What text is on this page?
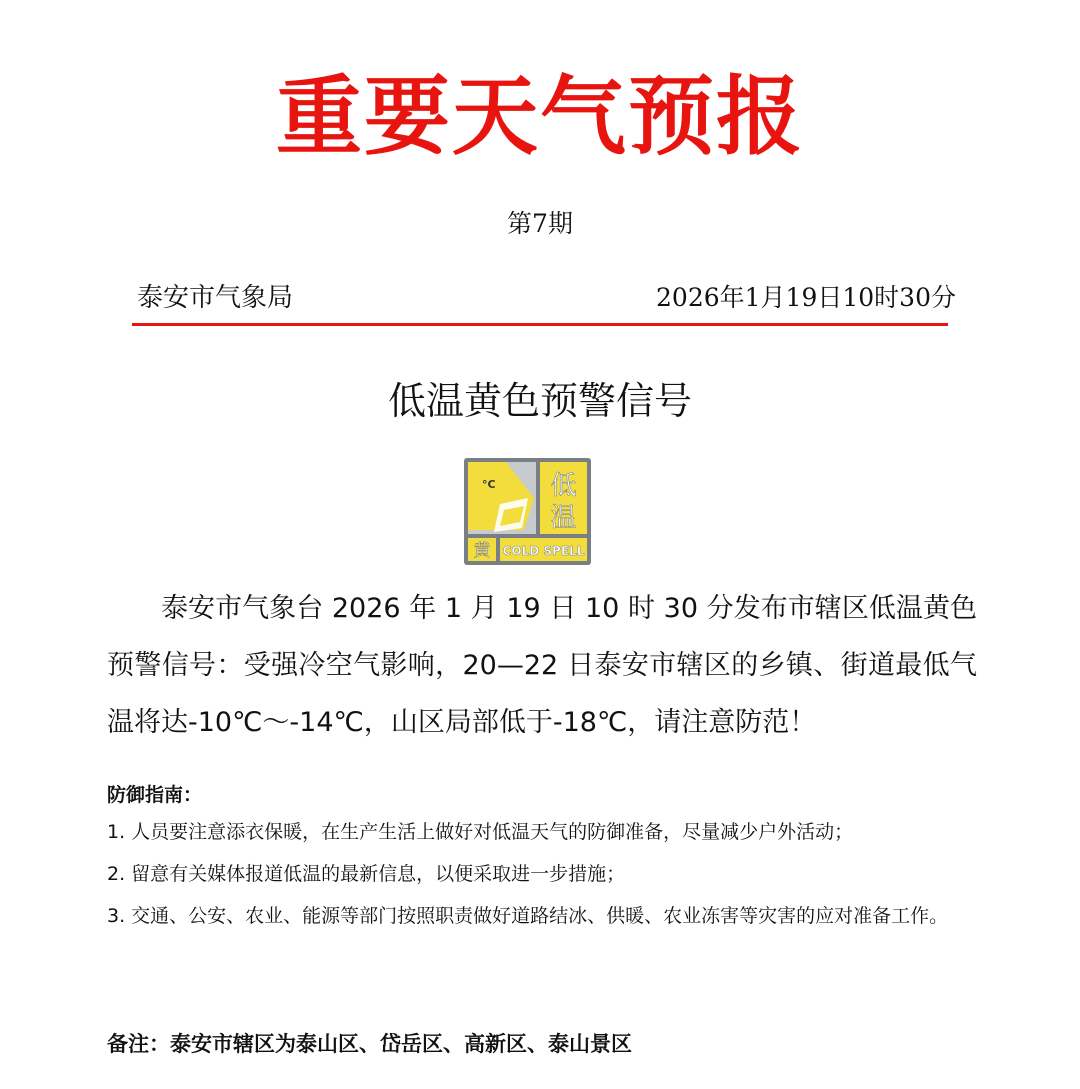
重要天气预报
第7期
泰安市气象局	2026年1月19日10时30分
低温黄色预警信号
°C 低
温
黄 COLD SPELL
泰安市气象台 2026 年 1 月 19 日 10 时 30 分发布市辖区低温黄色预警信号：受强冷空气影响，20—22 日泰安市辖区的乡镇、街道最低气温将达-10℃～-14℃，山区局部低于-18℃，请注意防范！
防御指南：
1. 人员要注意添衣保暖，在生产生活上做好对低温天气的防御准备，尽量减少户外活动；
2. 留意有关媒体报道低温的最新信息，以便采取进一步措施；
3. 交通、公安、农业、能源等部门按照职责做好道路结冰、供暖、农业冻害等灾害的应对准备工作。
备注：泰安市辖区为泰山区、岱岳区、高新区、泰山景区
